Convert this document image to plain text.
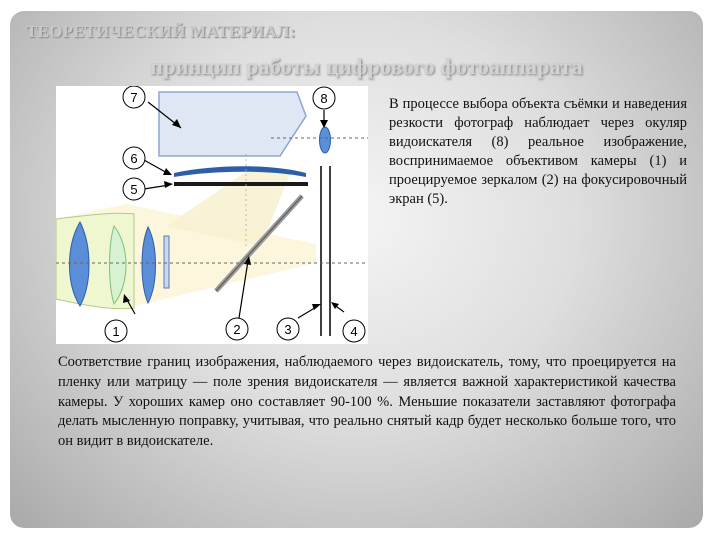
ТЕОРЕТИЧЕСКИЙ МАТЕРИАЛ:
принцип работы цифрового фотоаппарата
7	8
6
5
1	2	3	4
В процессе выбора объекта съёмки и наведения резкости фотограф наблюдает через окуляр видоискателя (8) реальное изображение, воспринимаемое объективом камеры (1) и проецируемое зеркалом (2) на фокусировочный экран (5).
Соответствие границ изображения, наблюдаемого через видоискатель, тому, что проецируется на пленку или матрицу — поле зрения видоискателя — является важной характеристикой качества камеры. У хороших камер оно составляет 90-100 %. Меньшие показатели заставляют фотографа делать мысленную поправку, учитывая, что реально снятый кадр будет несколько больше того, что он видит в видоискателе.
